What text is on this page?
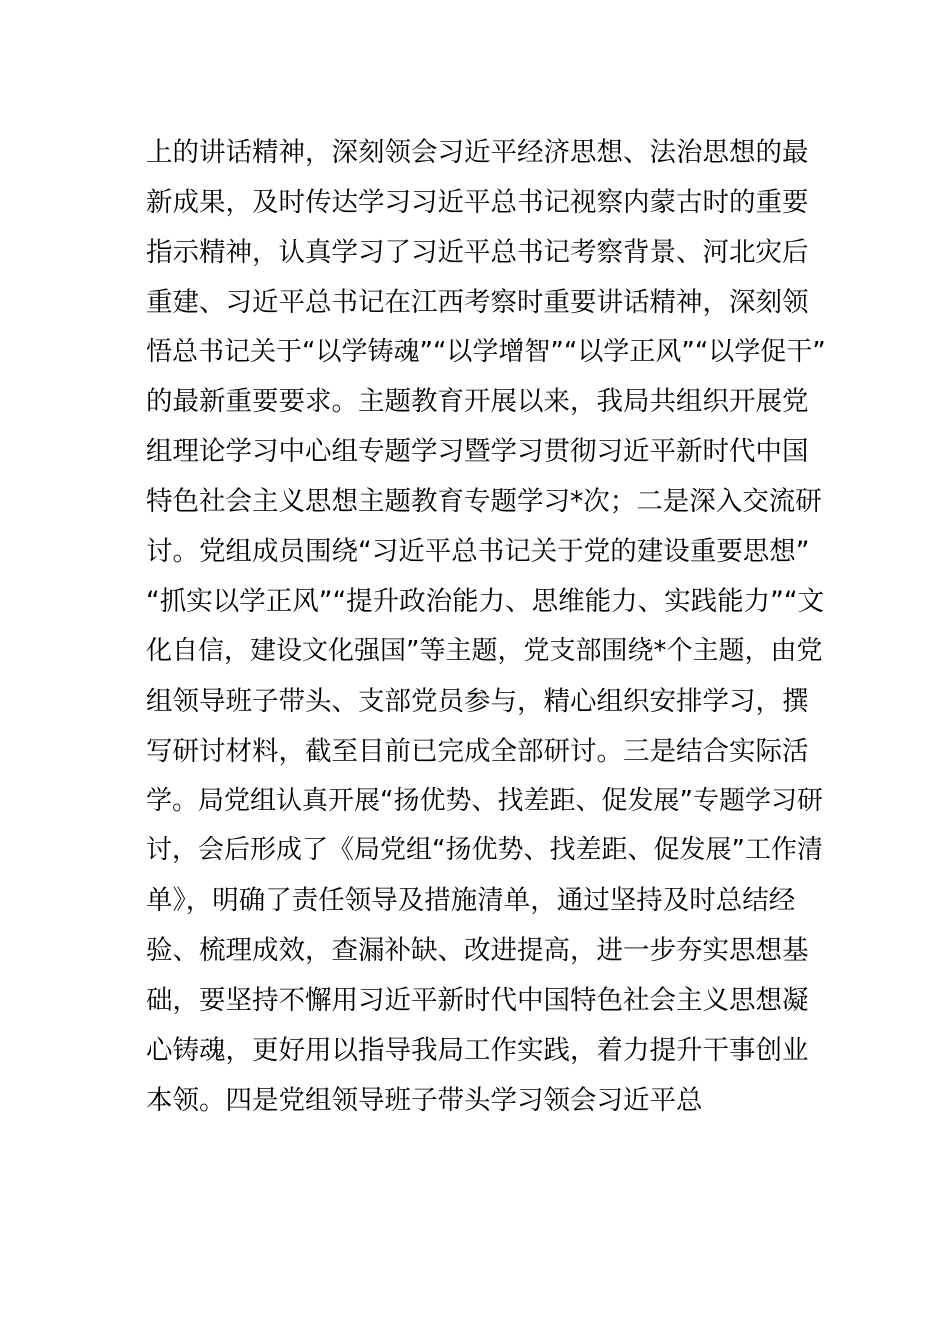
上的讲话精神，深刻领会习近平经济思想、法治思想的最
新成果，及时传达学习习近平总书记视察内蒙古时的重要
指示精神，认真学习了习近平总书记考察背景、河北灾后
重建、习近平总书记在江西考察时重要讲话精神，深刻领
悟总书记关于“以学铸魂”“以学增智”“以学正风”“以学促干”
的最新重要要求。主题教育开展以来，我局共组织开展党
组理论学习中心组专题学习暨学习贯彻习近平新时代中国
特色社会主义思想主题教育专题学习*次；二是深入交流研
讨。党组成员围绕“习近平总书记关于党的建设重要思想”
“抓实以学正风”“提升政治能力、思维能力、实践能力”“文
化自信，建设文化强国”等主题，党支部围绕*个主题，由党
组领导班子带头、支部党员参与，精心组织安排学习，撰
写研讨材料，截至目前已完成全部研讨。三是结合实际活
学。局党组认真开展“扬优势、找差距、促发展”专题学习研
讨，会后形成了《局党组“扬优势、找差距、促发展”工作清
单》，明确了责任领导及措施清单，通过坚持及时总结经
验、梳理成效，查漏补缺、改进提高，进一步夯实思想基
础，要坚持不懈用习近平新时代中国特色社会主义思想凝
心铸魂，更好用以指导我局工作实践，着力提升干事创业
本领。四是党组领导班子带头学习领会习近平总
